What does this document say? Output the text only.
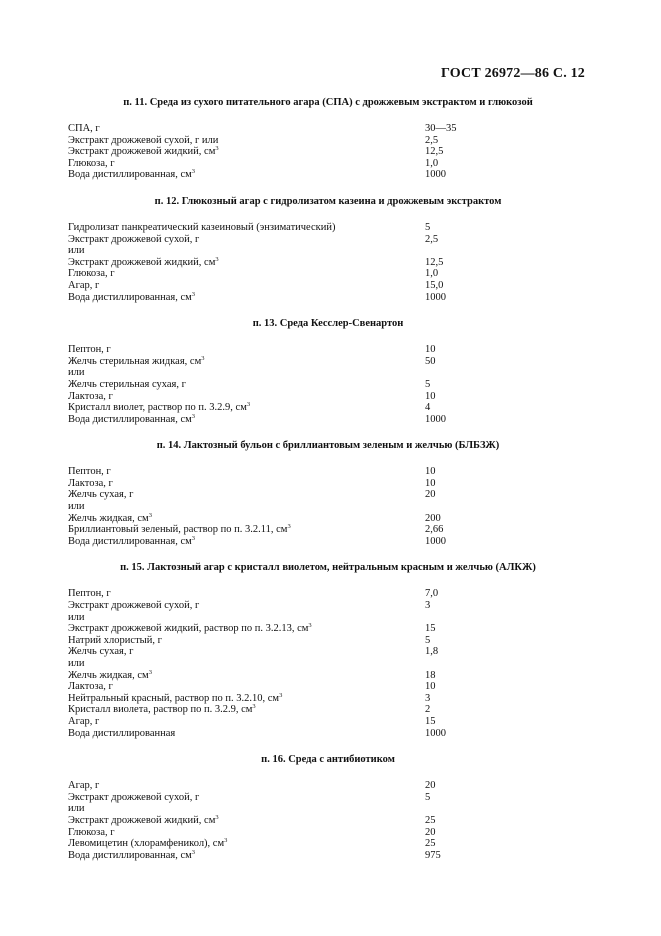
ГОСТ 26972—86 С. 12
п. 11. Среда из сухого питательного агара (СПА) с дрожжевым экстрактом и глюкозой
СПА, г	30—35
Экстракт дрожжевой сухой, г или	2,5
Экстракт дрожжевой жидкий, $см^3$	12,5
Глюкоза, г	1,0
Вода дистиллированная, $см^3$	1000
п. 12. Глюкозный агар с гидролизатом казеина и дрожжевым экстрактом
Гидролизат панкреатический казеиновый (энзиматический)	5
Экстракт дрожжевой сухой, г	2,5
или
Экстракт дрожжевой жидкий, $см^3$	12,5
Глюкоза, г	1,0
Агар, г	15,0
Вода дистиллированная, $см^3$	1000
п. 13. Среда Кесслер-Свенартон
Пептон, г	10
Желчь стерильная жидкая, $см^3$	50
или
Желчь стерильная сухая, г	5
Лактоза, г	10
Кристалл виолет, раствор по п. 3.2.9, $см^3$	4
Вода дистиллированная, $см^3$	1000
п. 14. Лактозный бульон с бриллиантовым зеленым и желчью (БЛБЗЖ)
Пептон, г	10
Лактоза, г	10
Желчь сухая, г	20
или
Желчь жидкая, $см^3$	200
Бриллиантовый зеленый, раствор по п. 3.2.11, $см^3$	2,66
Вода дистиллированная, $см^3$	1000
п. 15. Лактозный агар с кристалл виолетом, нейтральным красным и желчью (АЛКЖ)
Пептон, г	7,0
Экстракт дрожжевой сухой, г	3
или
Экстракт дрожжевой жидкий, раствор по п. 3.2.13, $см^3$	15
Натрий хлористый, г	5
Желчь сухая, г	1,8
или
Желчь жидкая, $см^3$	18
Лактоза, г	10
Нейтральный красный, раствор по п. 3.2.10, $см^3$	3
Кристалл виолета, раствор по п. 3.2.9, $см^3$	2
Агар, г	15
Вода дистиллированная	1000
п. 16. Среда с антибиотиком
Агар, г	20
Экстракт дрожжевой сухой, г	5
или
Экстракт дрожжевой жидкий, $см^3$	25
Глюкоза, г	20
Левомицетин (хлорамфеникол), $см^3$	25
Вода дистиллированная, $см^3$	975
